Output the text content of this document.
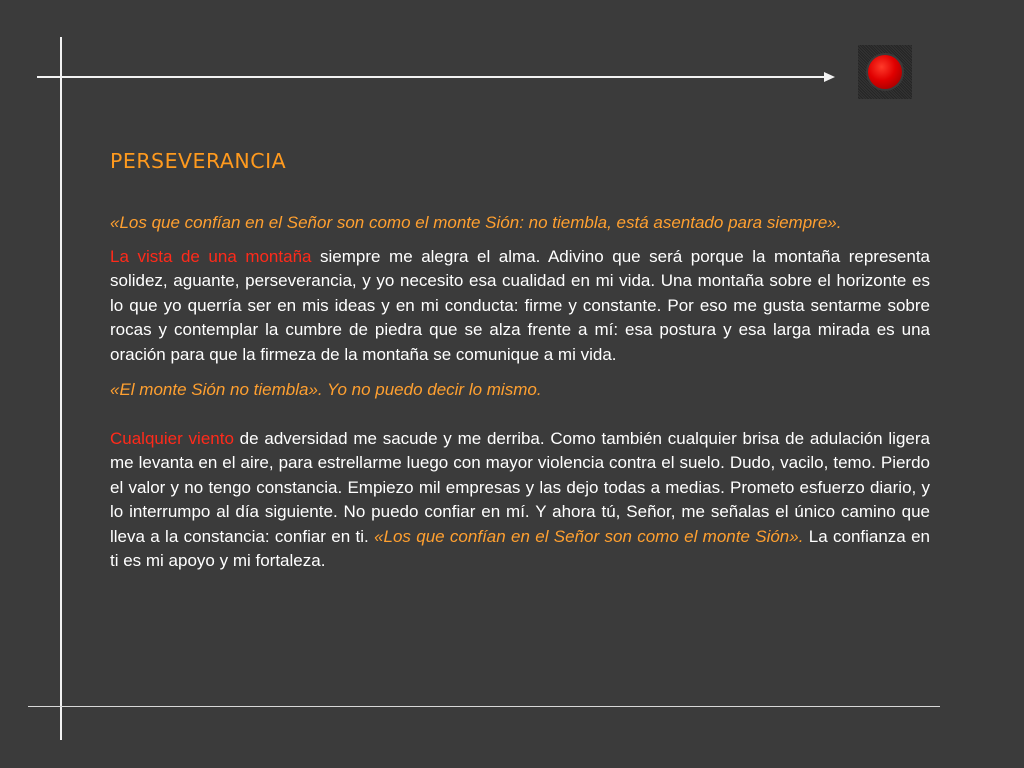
PERSEVERANCIA

«Los que confían en el Señor son como el monte Sión: no tiembla, está asentado para siempre».

La vista de una montaña siempre me alegra el alma. Adivino que será porque la montaña representa solidez, aguante, perseverancia, y yo necesito esa cualidad en mi vida. Una montaña sobre el horizonte es lo que yo querría ser en mis ideas y en mi conducta: firme y constante. Por eso me gusta sentarme sobre rocas y contemplar la cumbre de piedra que se alza frente a mí: esa postura y esa larga mirada es una oración para que la firmeza de la montaña se comunique a mi vida.

«El monte Sión no tiembla». Yo no puedo decir lo mismo.

Cualquier viento de adversidad me sacude y me derriba. Como también cualquier brisa de adulación ligera me levanta en el aire, para estrellarme luego con mayor violencia contra el suelo. Dudo, vacilo, temo. Pierdo el valor y no tengo constancia. Empiezo mil empresas y las dejo todas a medias. Prometo esfuerzo diario, y lo interrumpo al día siguiente. No puedo confiar en mí. Y ahora tú, Señor, me señalas el único camino que lleva a la constancia: confiar en ti. «Los que confían en el Señor son como el monte Sión». La confianza en ti es mi apoyo y mi fortaleza.
